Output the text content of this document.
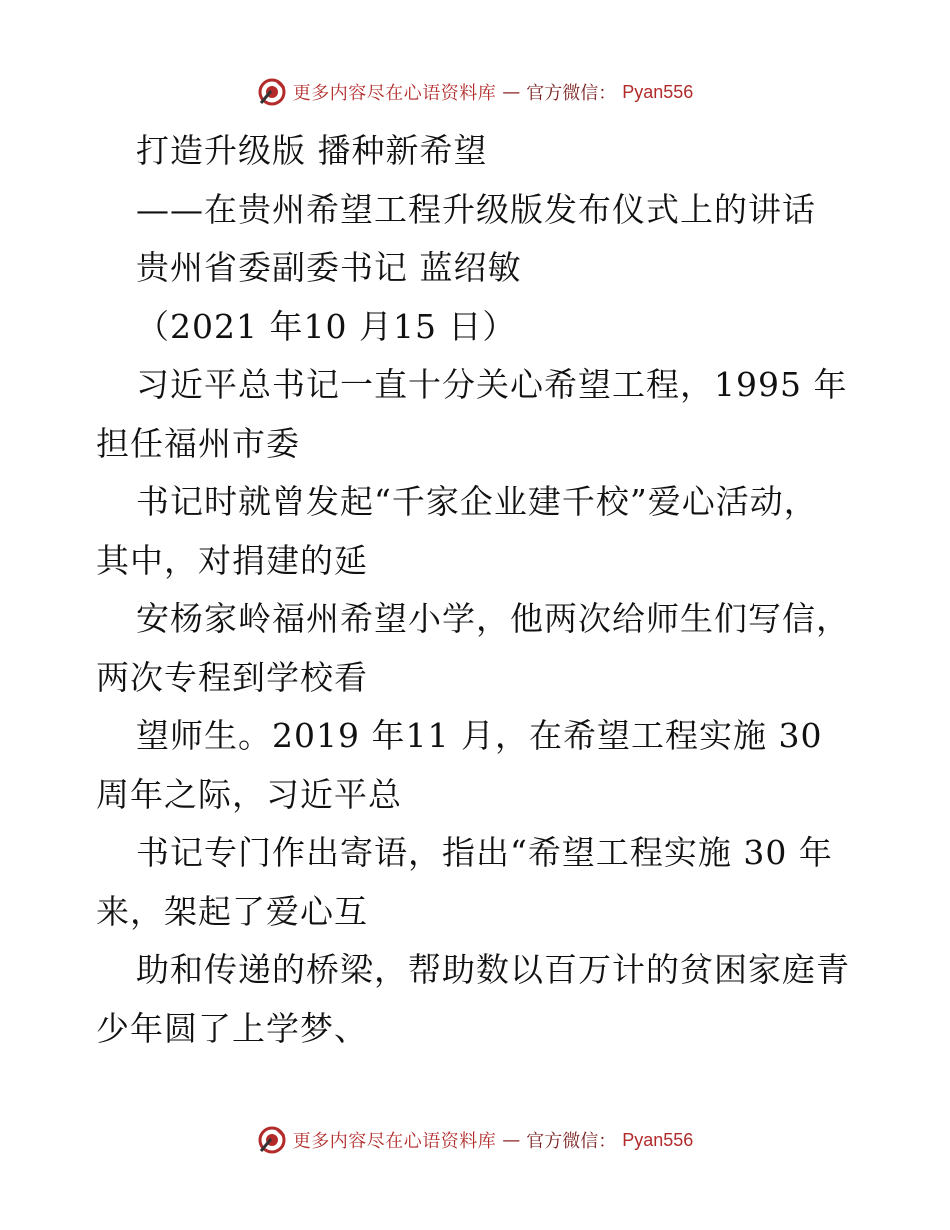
更多内容尽在心语资料库 — 官方微信： Pyan556
打造升级版 播种新希望
——在贵州希望工程升级版发布仪式上的讲话
贵州省委副委书记 蓝绍敏
（2021 年10 月15 日）
习近平总书记一直十分关心希望工程，1995 年
担任福州市委
书记时就曾发起“千家企业建千校”爱心活动，
其中，对捐建的延
安杨家岭福州希望小学，他两次给师生们写信，
两次专程到学校看
望师生。2019 年11 月，在希望工程实施 30
周年之际，习近平总
书记专门作出寄语，指出“希望工程实施 30 年
来，架起了爱心互
助和传递的桥梁，帮助数以百万计的贫困家庭青
少年圆了上学梦、
更多内容尽在心语资料库 — 官方微信： Pyan556
